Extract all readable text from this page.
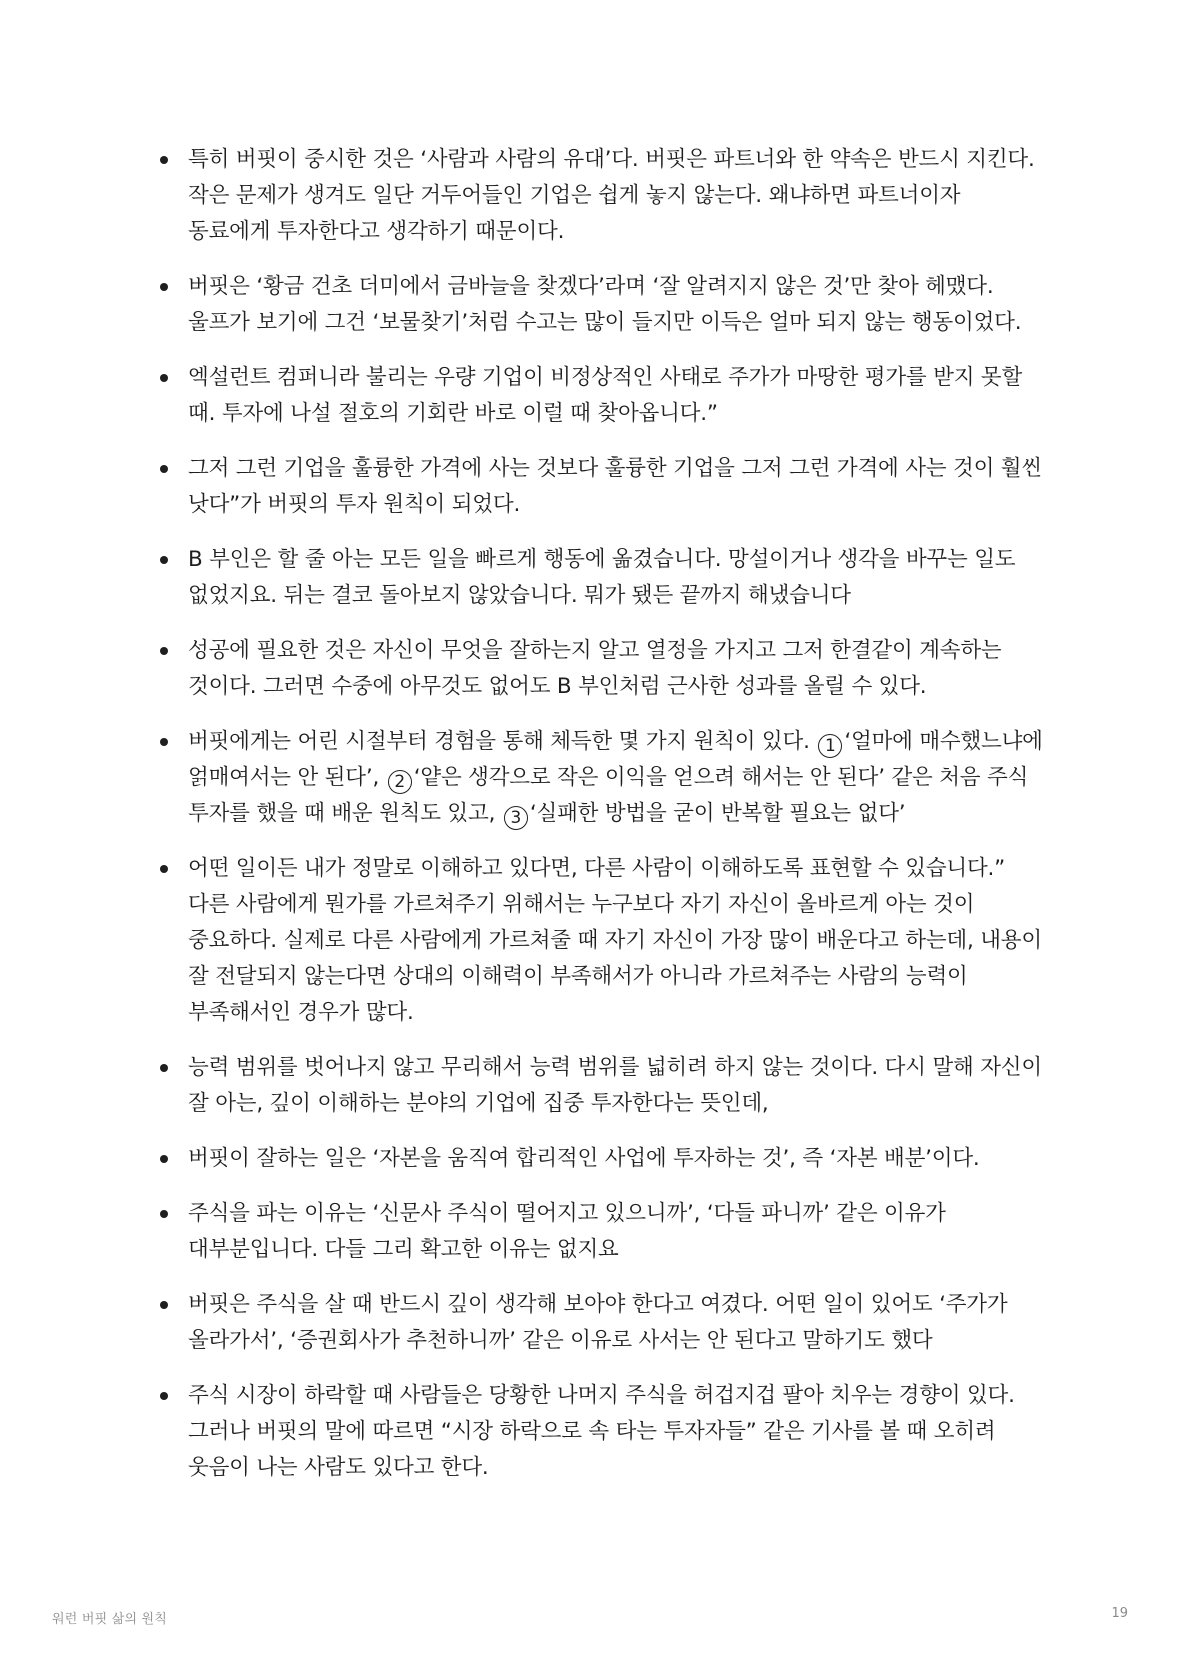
특히 버핏이 중시한 것은 ‘사람과 사람의 유대’다. 버핏은 파트너와 한 약속은 반드시 지킨다. 작은 문제가 생겨도 일단 거두어들인 기업은 쉽게 놓지 않는다. 왜냐하면 파트너이자 동료에게 투자한다고 생각하기 때문이다.
버핏은 ‘황금 건초 더미에서 금바늘을 찾겠다’라며 ‘잘 알려지지 않은 것’만 찾아 헤맸다. 울프가 보기에 그건 ‘보물찾기’처럼 수고는 많이 들지만 이득은 얼마 되지 않는 행동이었다.
엑설런트 컴퍼니라 불리는 우량 기업이 비정상적인 사태로 주가가 마땅한 평가를 받지 못할 때. 투자에 나설 절호의 기회란 바로 이럴 때 찾아옵니다.”
그저 그런 기업을 훌륭한 가격에 사는 것보다 훌륭한 기업을 그저 그런 가격에 사는 것이 훨씬 낫다”가 버핏의 투자 원칙이 되었다.
B 부인은 할 줄 아는 모든 일을 빠르게 행동에 옮겼습니다. 망설이거나 생각을 바꾸는 일도 없었지요. 뒤는 결코 돌아보지 않았습니다. 뭐가 됐든 끝까지 해냈습니다
성공에 필요한 것은 자신이 무엇을 잘하는지 알고 열정을 가지고 그저 한결같이 계속하는 것이다. 그러면 수중에 아무것도 없어도 B 부인처럼 근사한 성과를 올릴 수 있다.
버핏에게는 어린 시절부터 경험을 통해 체득한 몇 가지 원칙이 있다. 1 ‘얼마에 매수했느냐에 얽매여서는 안 된다’, 2 ‘얕은 생각으로 작은 이익을 얻으려 해서는 안 된다’ 같은 처음 주식 투자를 했을 때 배운 원칙도 있고, 3 ‘실패한 방법을 굳이 반복할 필요는 없다’
어떤 일이든 내가 정말로 이해하고 있다면, 다른 사람이 이해하도록 표현할 수 있습니다.” 다른 사람에게 뭔가를 가르쳐주기 위해서는 누구보다 자기 자신이 올바르게 아는 것이 중요하다. 실제로 다른 사람에게 가르쳐줄 때 자기 자신이 가장 많이 배운다고 하는데, 내용이 잘 전달되지 않는다면 상대의 이해력이 부족해서가 아니라 가르쳐주는 사람의 능력이 부족해서인 경우가 많다.
능력 범위를 벗어나지 않고 무리해서 능력 범위를 넓히려 하지 않는 것이다. 다시 말해 자신이 잘 아는, 깊이 이해하는 분야의 기업에 집중 투자한다는 뜻인데,
버핏이 잘하는 일은 ‘자본을 움직여 합리적인 사업에 투자하는 것’, 즉 ‘자본 배분’이다.
주식을 파는 이유는 ‘신문사 주식이 떨어지고 있으니까’, ‘다들 파니까’ 같은 이유가 대부분입니다. 다들 그리 확고한 이유는 없지요
버핏은 주식을 살 때 반드시 깊이 생각해 보아야 한다고 여겼다. 어떤 일이 있어도 ‘주가가 올라가서’, ‘증권회사가 추천하니까’ 같은 이유로 사서는 안 된다고 말하기도 했다
주식 시장이 하락할 때 사람들은 당황한 나머지 주식을 허겁지겁 팔아 치우는 경향이 있다. 그러나 버핏의 말에 따르면 “시장 하락으로 속 타는 투자자들” 같은 기사를 볼 때 오히려 웃음이 나는 사람도 있다고 한다.
워런 버핏 삶의 원칙	19
